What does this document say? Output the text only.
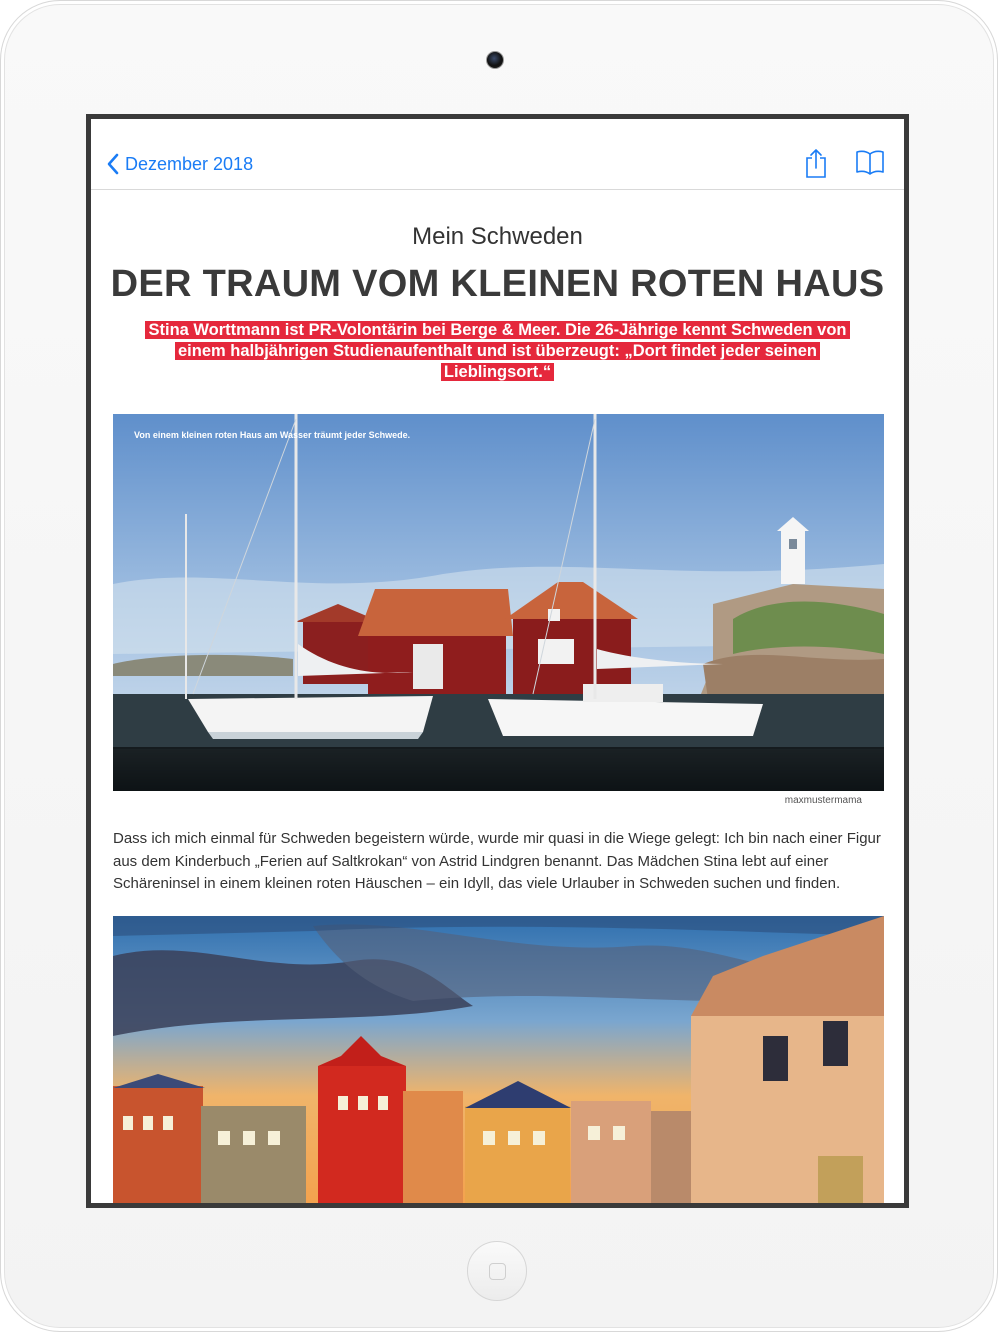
Dezember 2018
Mein Schweden
DER TRAUM VOM KLEINEN ROTEN HAUS
Stina Worttmann ist PR-Volontärin bei Berge & Meer. Die 26-Jährige kennt Schweden von einem halbjährigen Studienaufenthalt und ist überzeugt: „Dort findet jeder seinen Lieblingsort.“
Von einem kleinen roten Haus am Wasser träumt jeder Schwede.
maxmustermama
Dass ich mich einmal für Schweden begeistern würde, wurde mir quasi in die Wiege gelegt: Ich bin nach einer Figur aus dem Kinderbuch „Ferien auf Saltkrokan“ von Astrid Lindgren benannt. Das Mädchen Stina lebt auf einer Schäreninsel in einem kleinen roten Häuschen – ein Idyll, das viele Urlauber in Schweden suchen und finden.
